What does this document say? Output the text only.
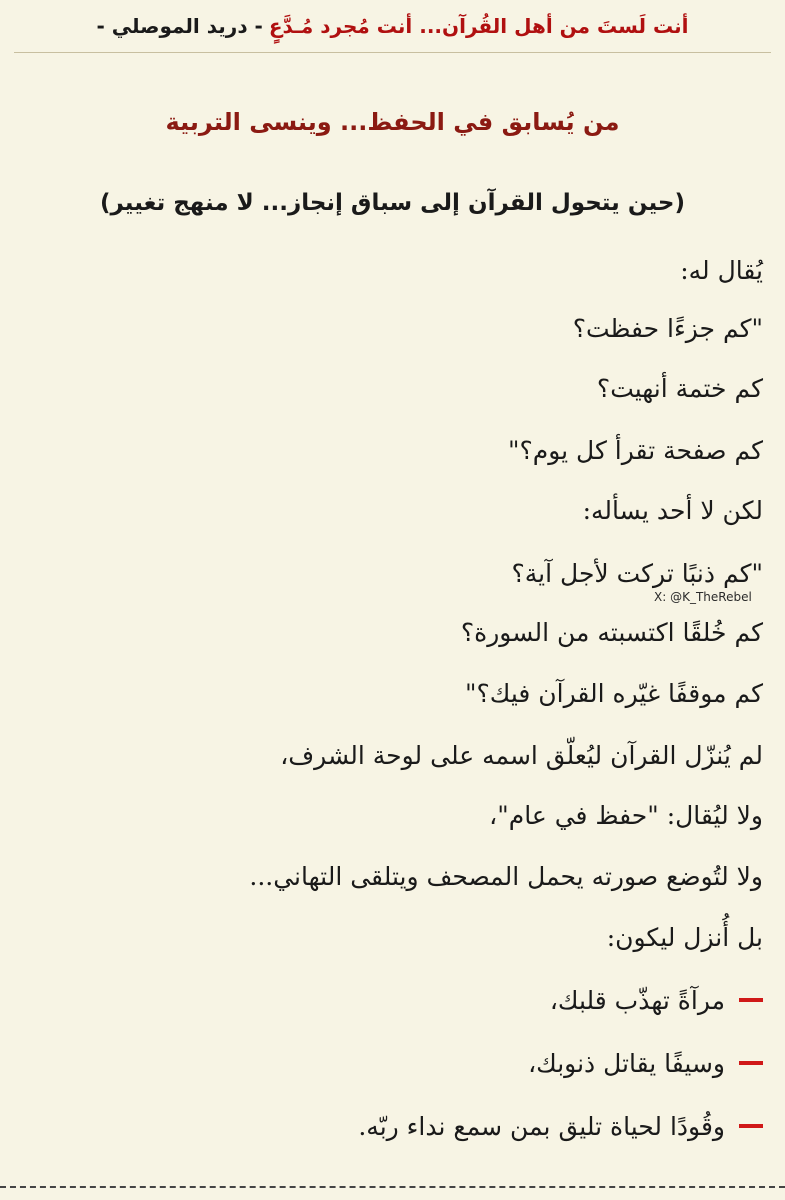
أنت لَستَ من أهل القُرآن... أنت مُجرد مُـدَّعٍ
- دريد الموصلي -
من يُسابق في الحفظ... وينسى التربية
(حين يتحول القرآن إلى سباق إنجاز... لا منهج تغيير)
يُقال له:
"كم جزءًا حفظت؟
كم ختمة أنهيت؟
كم صفحة تقرأ كل يوم؟"
لكن لا أحد يسأله:
"كم ذنبًا تركت لأجل آية؟
كم خُلقًا اكتسبته من السورة؟
كم موقفًا غيّره القرآن فيك؟"
لم يُنزّل القرآن ليُعلّق اسمه على لوحة الشرف،
ولا ليُقال: "حفظ في عام"،
ولا لتُوضع صورته يحمل المصحف ويتلقى التهاني...
بل أُنزل ليكون:
مرآةً تهذّب قلبك،
وسيفًا يقاتل ذنوبك،
وقُودًا لحياة تليق بمن سمع نداء ربّه.
X: @K_TheRebel
